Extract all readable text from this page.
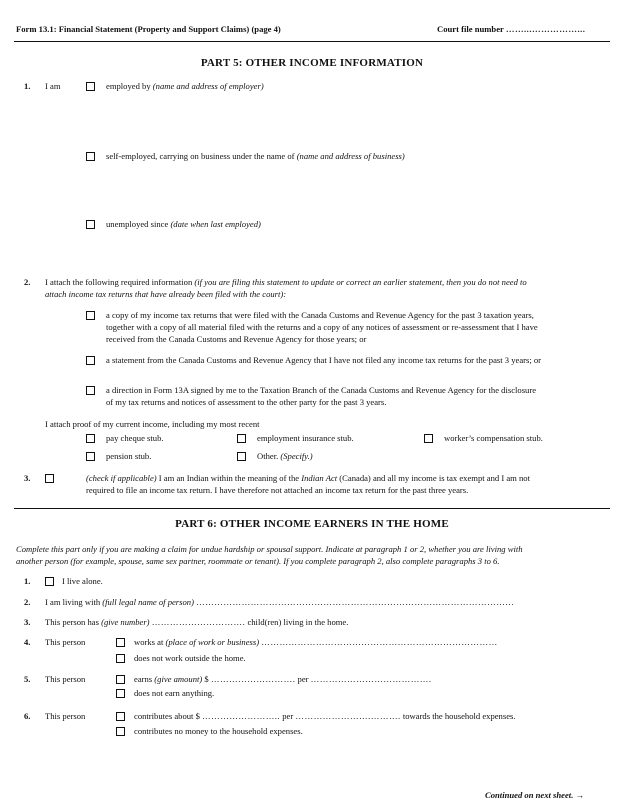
Form 13.1: Financial Statement (Property and Support Claims) (page 4)	Court file number ……...……………...
PART 5: OTHER INCOME INFORMATION
1. I am	employed by (name and address of employer)
self-employed, carrying on business under the name of (name and address of business)
unemployed since (date when last employed)
2. I attach the following required information (if you are filing this statement to update or correct an earlier statement, then you do not need to
attach income tax returns that have already been filed with the court):
a copy of my income tax returns that were filed with the Canada Customs and Revenue Agency for the past 3 taxation years,
together with a copy of all material filed with the returns and a copy of any notices of assessment or re-assessment that I have
received from the Canada Customs and Revenue Agency for those years; or
a statement from the Canada Customs and Revenue Agency that I have not filed any income tax returns for the past 3 years; or
a direction in Form 13A signed by me to the Taxation Branch of the Canada Customs and Revenue Agency for the disclosure
of my tax returns and notices of assessment to the other party for the past 3 years.
I attach proof of my current income, including my most recent
pay cheque stub.	employment insurance stub.	worker’s compensation stub.
pension stub.	Other. (Specify.)
3.	(check if applicable) I am an Indian within the meaning of the Indian Act (Canada) and all my income is tax exempt and I am not
required to file an income tax return. I have therefore not attached an income tax return for the past three years.
PART 6: OTHER INCOME EARNERS IN THE HOME
Complete this part only if you are making a claim for undue hardship or spousal support. Indicate at paragraph 1 or 2, whether you are living with
another person (for example, spouse, same sex partner, roommate or tenant). If you complete paragraph 2, also complete paragraphs 3 to 6.
1.	I live alone.
2. I am living with (full legal name of person) ……………………………………………………………………………………………
3. This person has (give number) …………………………. child(ren) living in the home.
4. This person	works at (place of work or business) ……………………………………………………………………
does not work outside the home.
5. This person	earns (give amount) $ ………………………. per ………………………………….
does not earn anything.
6. This person	contributes about $ …………………….. per …………………….………. towards the household expenses.
contributes no money to the household expenses.
Continued on next sheet. →
